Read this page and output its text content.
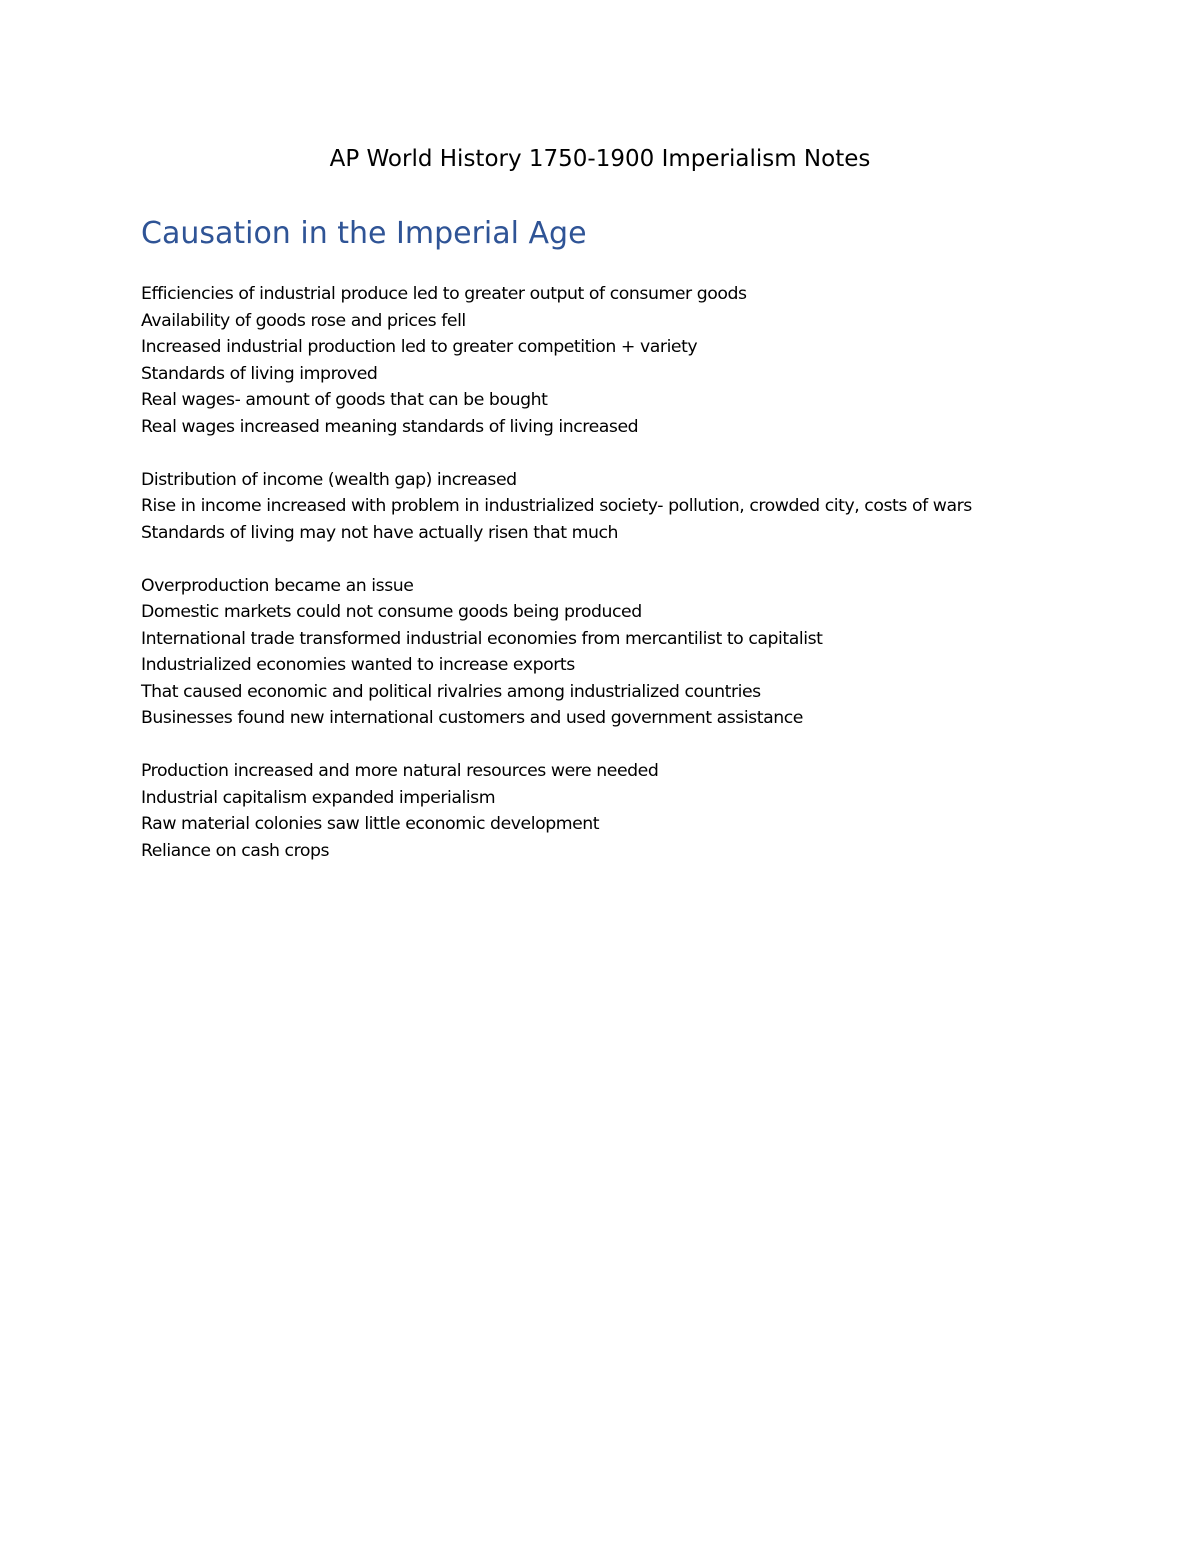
AP World History 1750-1900 Imperialism Notes
Causation in the Imperial Age
Efficiencies of industrial produce led to greater output of consumer goods
Availability of goods rose and prices fell
Increased industrial production led to greater competition + variety
Standards of living improved
Real wages- amount of goods that can be bought
Real wages increased meaning standards of living increased
Distribution of income (wealth gap) increased
Rise in income increased with problem in industrialized society- pollution, crowded city, costs of wars
Standards of living may not have actually risen that much
Overproduction became an issue
Domestic markets could not consume goods being produced
International trade transformed industrial economies from mercantilist to capitalist
Industrialized economies wanted to increase exports
That caused economic and political rivalries among industrialized countries
Businesses found new international customers and used government assistance
Production increased and more natural resources were needed
Industrial capitalism expanded imperialism
Raw material colonies saw little economic development
Reliance on cash crops
